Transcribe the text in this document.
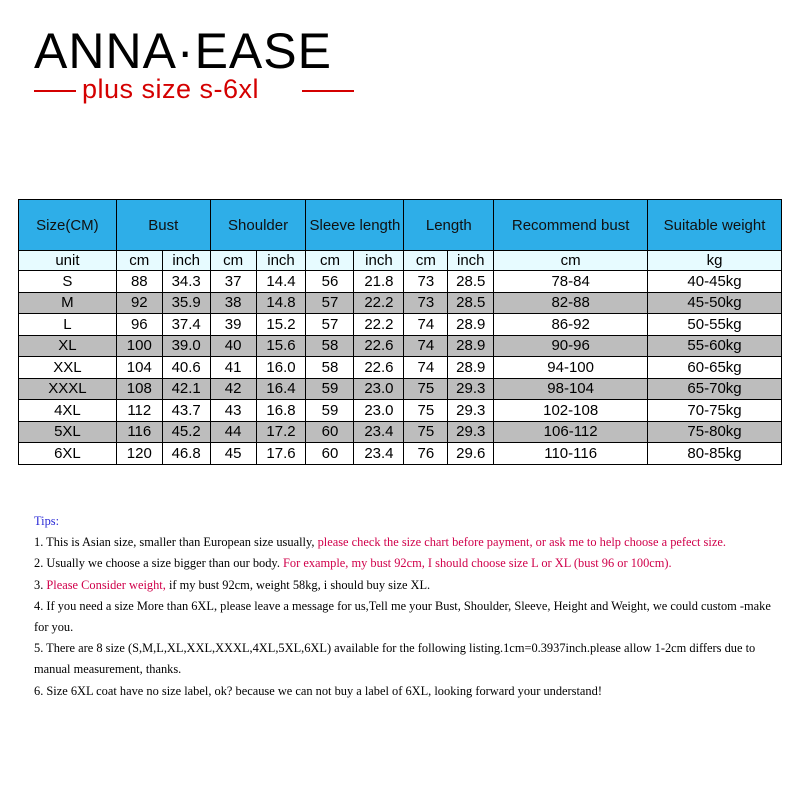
ANNA·EASE
plus size s-6xl
Size(CM)	Bust		Shoulder		Sleeve length		Length		Recommend bust	Suitable weight
unit	cm	inch	cm	inch	cm	inch	cm	inch	cm	kg
S	88	34.3	37	14.4	56	21.8	73	28.5	78-84	40-45kg
M	92	35.9	38	14.8	57	22.2	73	28.5	82-88	45-50kg
L	96	37.4	39	15.2	57	22.2	74	28.9	86-92	50-55kg
XL	100	39.0	40	15.6	58	22.6	74	28.9	90-96	55-60kg
XXL	104	40.6	41	16.0	58	22.6	74	28.9	94-100	60-65kg
XXXL	108	42.1	42	16.4	59	23.0	75	29.3	98-104	65-70kg
4XL	112	43.7	43	16.8	59	23.0	75	29.3	102-108	70-75kg
5XL	116	45.2	44	17.2	60	23.4	75	29.3	106-112	75-80kg
6XL	120	46.8	45	17.6	60	23.4	76	29.6	110-116	80-85kg
Tips:
1. This is Asian size, smaller than European size usually, please check the size chart before payment, or ask me to help choose a pefect size.
2. Usually we choose a size bigger than our body. For example, my bust 92cm, I should choose size L or XL (bust 96 or 100cm).
3. Please Consider weight, if my bust 92cm, weight 58kg, i should buy size XL.
4. If you need a size More than 6XL, please leave a message for us,Tell me your Bust, Shoulder, Sleeve, Height and Weight, we could custom -make for you.
5. There are 8 size (S,M,L,XL,XXL,XXXL,4XL,5XL,6XL) available for the following listing.1cm=0.3937inch.please allow 1-2cm differs due to manual measurement, thanks.
6. Size 6XL coat have no size label, ok? because we can not buy a label of 6XL, looking forward your understand!
